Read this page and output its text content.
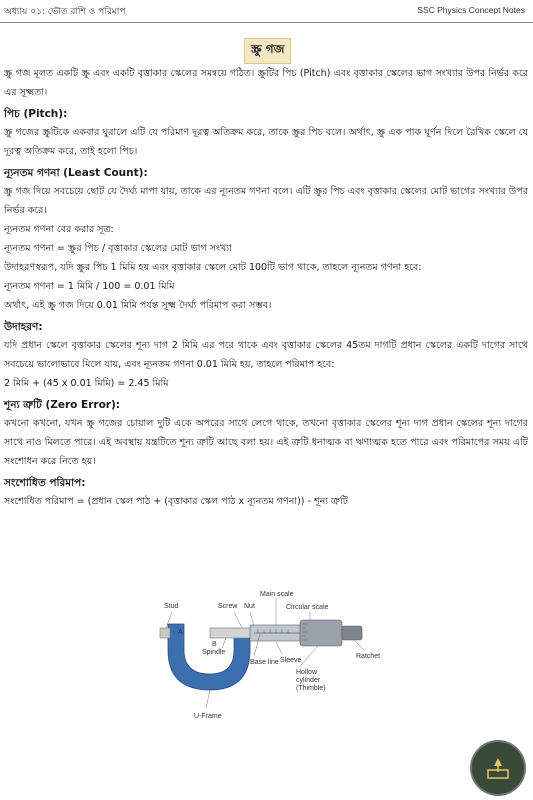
অধ্যায় ০১: ভৌত রাশি ও পরিমাপ	SSC Physics Concept Notes
স্ক্রু গজ

স্ক্রু গজ মূলত একটি স্ক্রু এবং একটি বৃত্তাকার স্কেলের সমন্বয়ে গঠিত। স্ক্রুটির পিচ (Pitch) এবং বৃত্তাকার স্কেলের ভাগ সংখ্যার উপর নির্ভর করে এর সূক্ষ্মতা।

পিচ (Pitch):

স্ক্রু গজের স্ক্রুটিকে একবার ঘুরালে এটি যে পরিমাণ দূরত্ব অতিক্রম করে, তাকে স্ক্রুর পিচ বলে। অর্থাৎ, স্ক্রু এক পাক ঘূর্ণন দিলে রৈখিক স্কেলে যে দূরত্ব অতিক্রম করে, তাই হলো পিচ।

ন্যূনতম গণনা (Least Count):

স্ক্রু গজ দিয়ে সবচেয়ে ছোট যে দৈর্ঘ্য মাপা যায়, তাকে এর ন্যূনতম গণনা বলে। এটি স্ক্রুর পিচ এবং বৃত্তাকার স্কেলের মোট ভাগের সংখ্যার উপর নির্ভর করে।

ন্যূনতম গণনা বের করার সূত্র:

ন্যূনতম গণনা = স্ক্রুর পিচ / বৃত্তাকার স্কেলের মোট ভাগ সংখ্যা

উদাহরণস্বরূপ, যদি স্ক্রুর পিচ 1 মিমি হয় এবং বৃত্তাকার স্কেলে মোট 100টি ভাগ থাকে, তাহলে ন্যূনতম গণনা হবে:

ন্যূনতম গণনা = 1 মিমি / 100 = 0.01 মিমি

অর্থাৎ, এই স্ক্রু গজ দিয়ে 0.01 মিমি পর্যন্ত সূক্ষ্ম দৈর্ঘ্য পরিমাপ করা সম্ভব।

উদাহরণ:

যদি প্রধান স্কেলে বৃত্তাকার স্কেলের শূন্য দাগ 2 মিমি এর পরে থাকে এবং বৃত্তাকার স্কেলের 45তম দাগটি প্রধান স্কেলের একটি দাগের সাথে সবচেয়ে ভালোভাবে মিলে যায়, এবং ন্যূনতম গণনা 0.01 মিমি হয়, তাহলে পরিমাপ হবে:

2 মিমি + (45 x 0.01 মিমি) = 2.45 মিমি

শূন্য ত্রুটি (Zero Error):

কখনো কখনো, যখন স্ক্রু গজের চোয়াল দুটি একে অপরের সাথে লেগে থাকে, তখনো বৃত্তাকার স্কেলের শূন্য দাগ প্রধান স্কেলের শূন্য দাগের সাথে নাও মিলতে পারে। এই অবস্থায় যন্ত্রটিতে শূন্য ত্রুটি আছে বলা হয়। এই ত্রুটি ধনাত্মক বা ঋণাত্মক হতে পারে এবং পরিমাপের সময় এটি সংশোধন করে নিতে হয়।

সংশোধিত পরিমাপ:

সংশোধিত পরিমাপ = (প্রধান স্কেল পাঠ + (বৃত্তাকার স্কেল পাঠ x ন্যূনতম গণনা)) - শূন্য ত্রুটি

Stud	Screw Nut
Main scale
Circular scale
A
B
Spindle
Sleeve
Base line
Ratchet
Hollow
cylinder
(Thimble)
U-Frame
